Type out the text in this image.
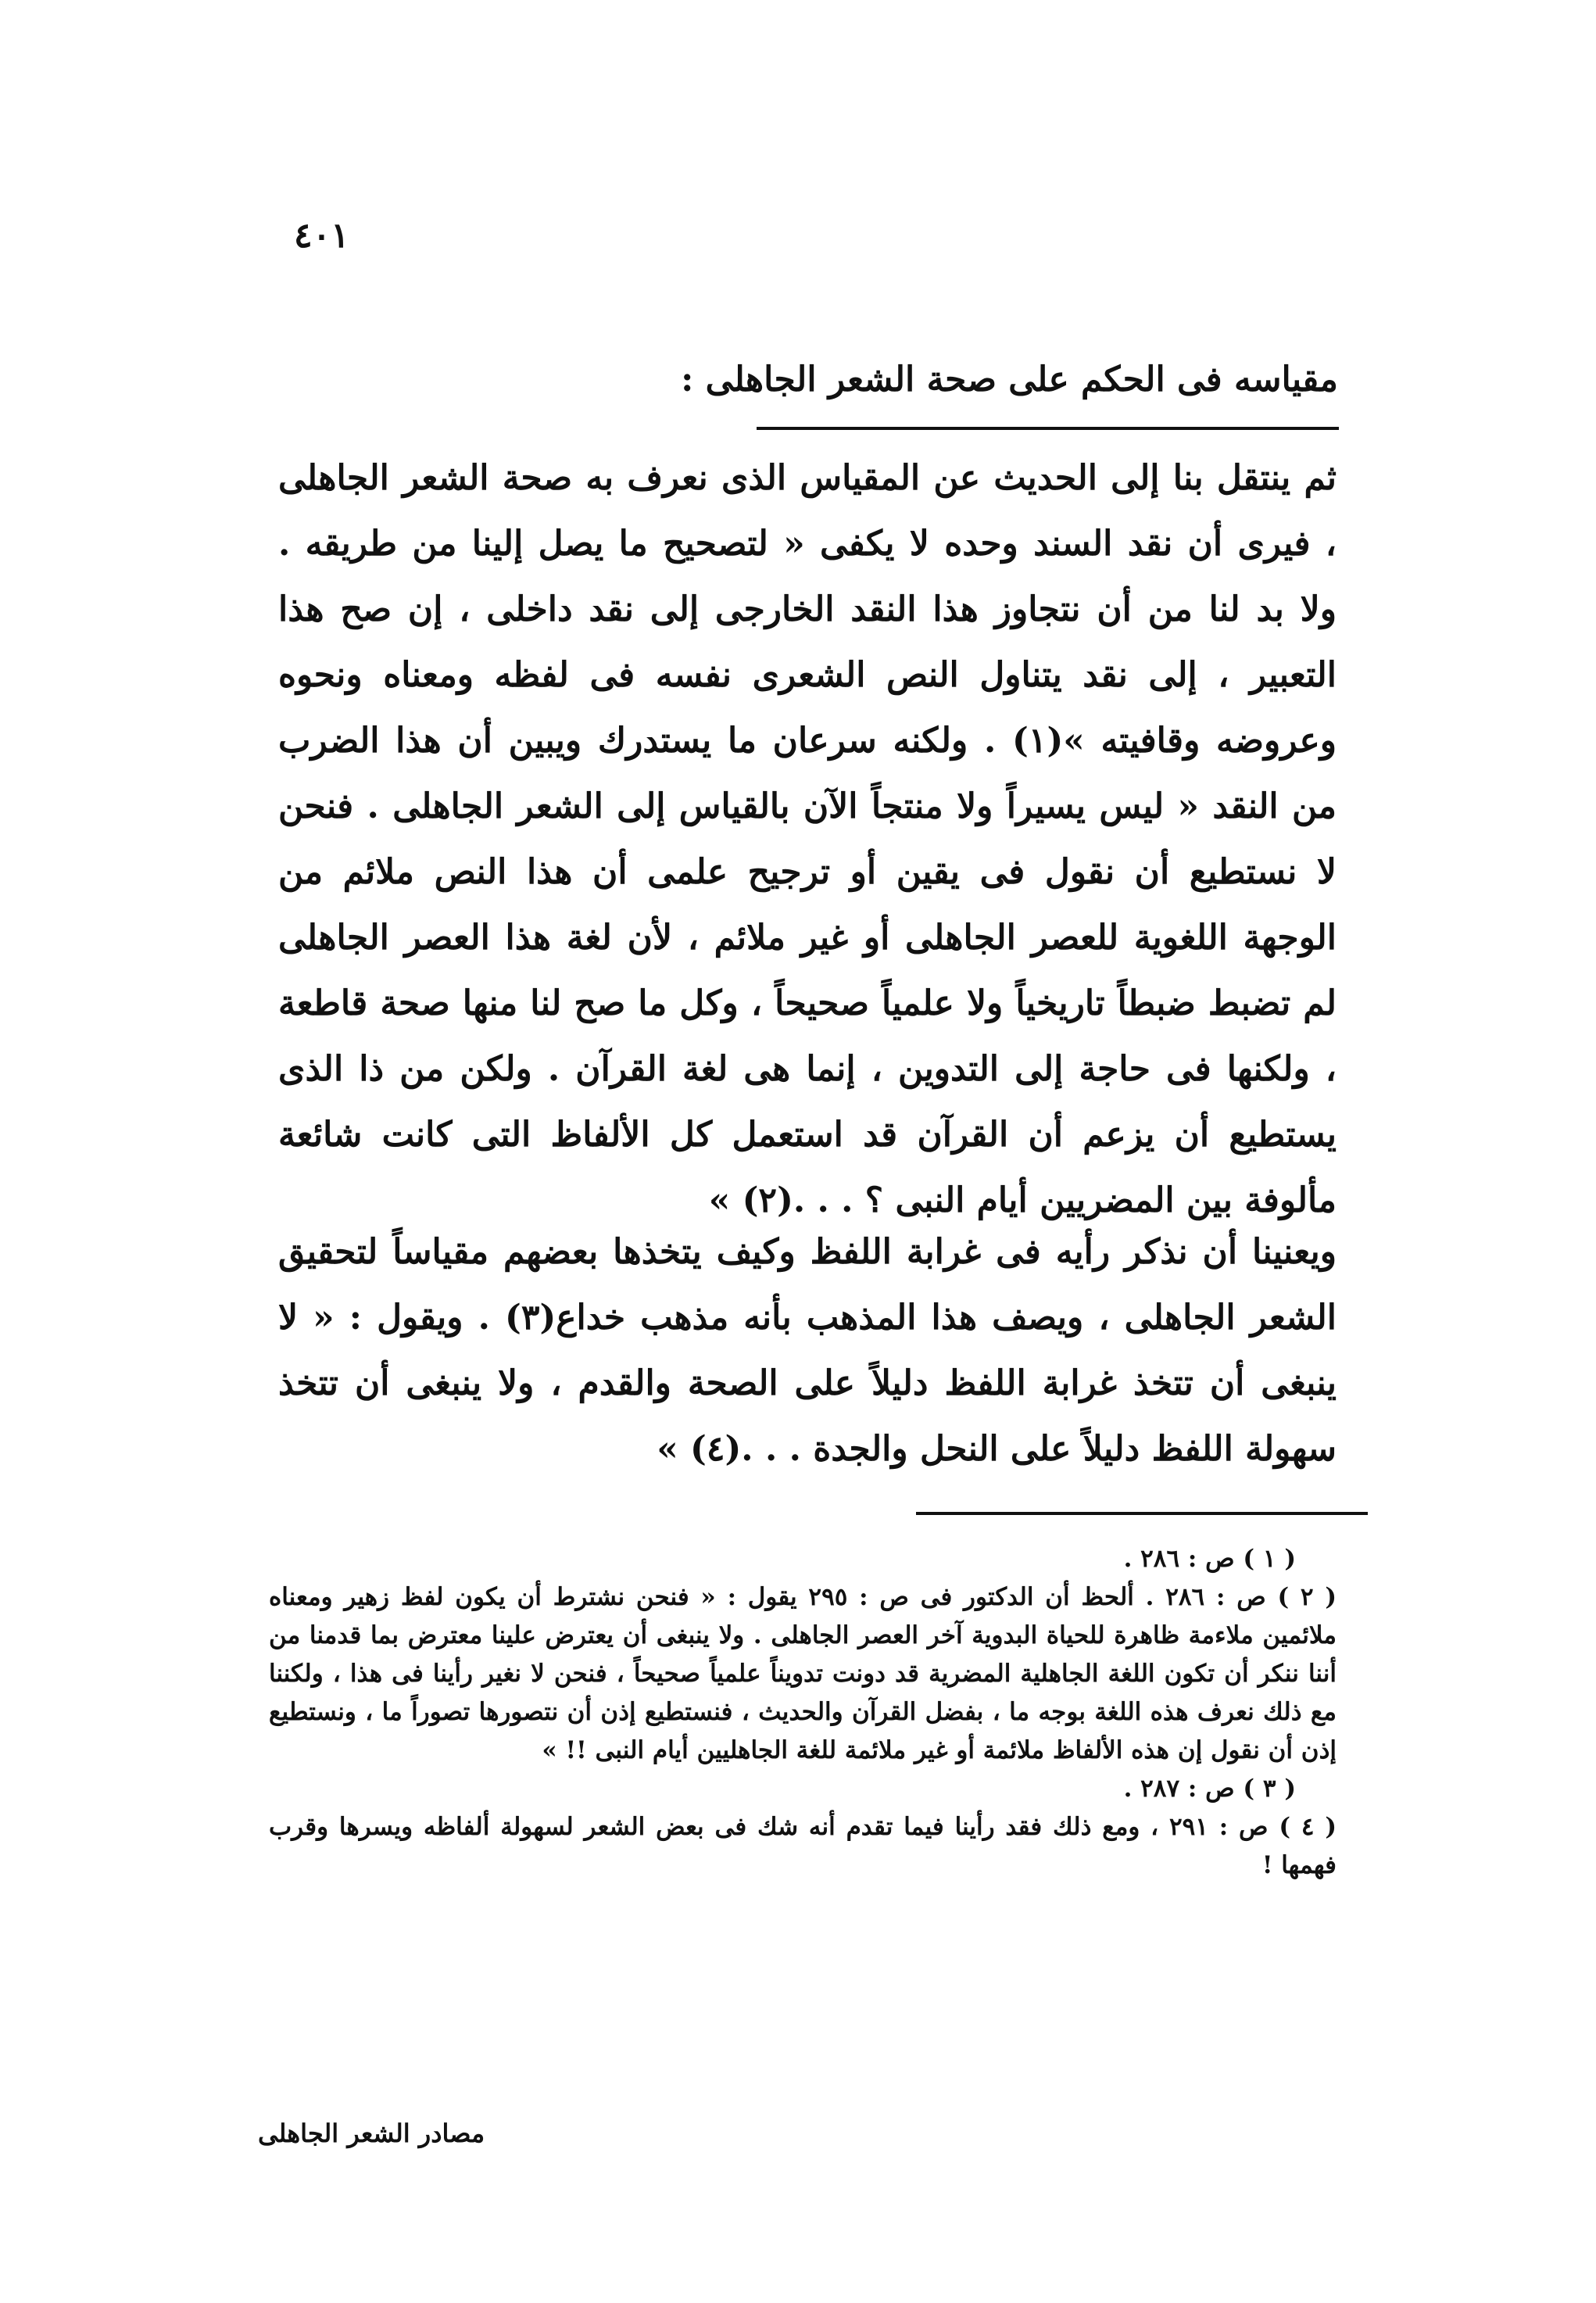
٤٠١
مقياسه فى الحكم على صحة الشعر الجاهلى :

ثم ينتقل بنا إلى الحديث عن المقياس الذى نعرف به صحة الشعر الجاهلى ، فيرى أن نقد السند وحده لا يكفى « لتصحيح ما يصل إلينا من طريقه . ولا بد لنا من أن نتجاوز هذا النقد الخارجى إلى نقد داخلى ، إن صح هذا التعبير ، إلى نقد يتناول النص الشعرى نفسه فى لفظه ومعناه ونحوه وعروضه وقافيته »(١) . ولكنه سرعان ما يستدرك ويبين أن هذا الضرب من النقد « ليس يسيراً ولا منتجاً الآن بالقياس إلى الشعر الجاهلى . فنحن لا نستطيع أن نقول فى يقين أو ترجيح علمى أن هذا النص ملائم من الوجهة اللغوية للعصر الجاهلى أو غير ملائم ، لأن لغة هذا العصر الجاهلى لم تضبط ضبطاً تاريخياً ولا علمياً صحيحاً ، وكل ما صح لنا منها صحة قاطعة ، ولكنها فى حاجة إلى التدوين ، إنما هى لغة القرآن . ولكن من ذا الذى يستطيع أن يزعم أن القرآن قد استعمل كل الألفاظ التى كانت شائعة مألوفة بين المضريين أيام النبى ؟ . . .(٢) »

ويعنينا أن نذكر رأيه فى غرابة اللفظ وكيف يتخذها بعضهم مقياساً لتحقيق الشعر الجاهلى ، ويصف هذا المذهب بأنه مذهب خداع(٣) . ويقول : « لا ينبغى أن تتخذ غرابة اللفظ دليلاً على الصحة والقدم ، ولا ينبغى أن تتخذ سهولة اللفظ دليلاً على النحل والجدة . . .(٤) »

( ١ ) ص : ٢٨٦ .

( ٢ ) ص : ٢٨٦ . ألحظ أن الدكتور فى ص : ٢٩٥ يقول : « فنحن نشترط أن يكون لفظ زهير ومعناه ملائمين ملاءمة ظاهرة للحياة البدوية آخر العصر الجاهلى . ولا ينبغى أن يعترض علينا معترض بما قدمنا من أننا ننكر أن تكون اللغة الجاهلية المضرية قد دونت تدويناً علمياً صحيحاً ، فنحن لا نغير رأينا فى هذا ، ولكننا مع ذلك نعرف هذه اللغة بوجه ما ، بفضل القرآن والحديث ، فنستطيع إذن أن نتصورها تصوراً ما ، ونستطيع إذن أن نقول إن هذه الألفاظ ملائمة أو غير ملائمة للغة الجاهليين أيام النبى !! »

( ٣ ) ص : ٢٨٧ .

( ٤ ) ص : ٢٩١ ، ومع ذلك فقد رأينا فيما تقدم أنه شك فى بعض الشعر لسهولة ألفاظه ويسرها وقرب فهمها !

مصادر الشعر الجاهلى
